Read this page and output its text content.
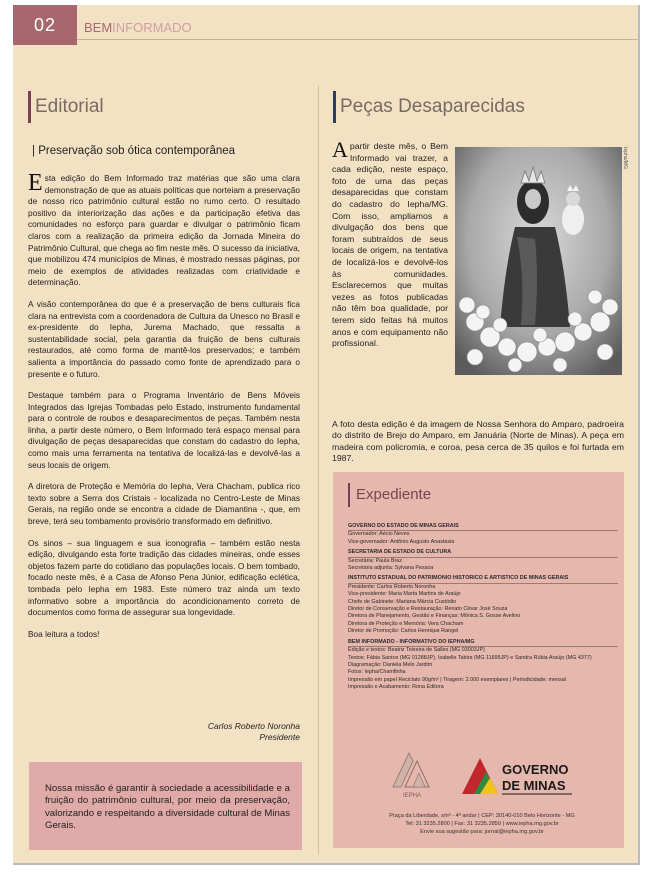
02	BEMINFORMADO
Editorial
| Preservação sob ótica contemporânea

Esta edição do Bem Informado traz matérias que são uma clara demonstração de que as atuais políticas que norteiam a preservação de nosso rico patrimônio cultural estão no rumo certo. O resultado positivo da interiorização das ações e da participação efetiva das comunidades no esforço para guardar e divulgar o patrimônio ficam claros com a realização da primeira edição da Jornada Mineira do Patrimônio Cultural, que chega ao fim neste mês. O sucesso da iniciativa, que mobilizou 474 municípios de Minas, é mostrado nessas páginas, por meio de exemplos de atividades realizadas com criatividade e determinação.

A visão contemporânea do que é a preservação de bens culturais fica clara na entrevista com a coordenadora de Cultura da Unesco no Brasil e ex-presidente do Iepha, Jurema Machado, que ressalta a sustentabilidade social, pela garantia da fruição de bens culturais restaurados, até como forma de mantê-los preservados; e também salienta a importância do passado como fonte de aprendizado para o presente e o futuro.

Destaque também para o Programa Inventário de Bens Móveis Integrados das Igrejas Tombadas pelo Estado, instrumento fundamental para o controle de roubos e desaparecimentos de peças. Também nesta linha, a partir deste número, o Bem Informado terá espaço mensal para divulgação de peças desaparecidas que constam do cadastro do Iepha, como mais uma ferramenta na tentativa de localizá-las e devolvê-las a seus locais de origem.

A diretora de Proteção e Memória do Iepha, Vera Chacham, publica rico texto sobre a Serra dos Cristais - localizada no Centro-Leste de Minas Gerais, na região onde se encontra a cidade de Diamantina -, que, em breve, terá seu tombamento provisório transformado em definitivo.

Os sinos – sua linguagem e sua iconografia – também estão nesta edição, divulgando esta forte tradição das cidades mineiras, onde esses objetos fazem parte do cotidiano das populações locais. O bem tombado, focado neste mês, é a Casa de Afonso Pena Júnior, edificação eclética, tombada pelo Iepha em 1983. Este número traz ainda um texto informativo sobre a importância do acondicionamento correto de documentos como forma de assegurar sua longevidade.

Boa leitura a todos!

Carlos Roberto Noronha
Presidente
Nossa missão é garantir à sociedade a acessibilidade e a fruição do patrimônio cultural, por meio da preservação, valorizando e respeitando a diversidade cultural de Minas Gerais.
Peças Desaparecidas
A partir deste mês, o Bem Informado vai trazer, a cada edição, neste espaço, foto de uma das peças desaparecidas que constam do cadastro do Iepha/MG. Com isso, ampliamos a divulgação dos bens que foram subtraídos de seus locais de origem, na tentativa de localizá-los e devolvê-los às comunidades. Esclarecemos que muitas vezes as fotos publicadas não têm boa qualidade, por terem sido feitas há muitos anos e com equipamento não profissional.
Iepha/MG
A foto desta edição é da imagem de Nossa Senhora do Amparo, padroeira do distrito de Brejo do Amparo, em Januária (Norte de Minas). A peça em madeira com policromia, e coroa, pesa cerca de 35 quilos e foi furtada em 1987.
Expediente
GOVERNO DO ESTADO DE MINAS GERAIS
Governador: Aécio Neves
Vice-governador: Antônio Augusto Anastasia
SECRETARIA DE ESTADO DE CULTURA
Secretária: Paula Braz
Secretária adjunta: Sylvana Pessoa
INSTITUTO ESTADUAL DO PATRIMÔNIO HISTÓRICO E ARTÍSTICO DE MINAS GERAIS
Presidente: Carlos Roberto Noronha
Vice-presidente: Maria Marta Martins de Araújo
Chefe de Gabinete: Mariana Márcia Custódio
Diretor de Conservação e Restauração: Renato César José Souza
Diretora de Planejamento, Gestão e Finanças: Mônica S. Gosse Avelino
Diretora de Proteção e Memória: Vera Chacham
Diretor de Promoção: Carlos Henrique Rangel
BEM INFORMADO - INFORMATIVO DO IEPHA/MG
Edição e textos: Beatriz Teixeira de Salles (MG 03003JP)
Textos: Fábia Santos (MG 01288JP), Isabelle Tabira (MG 11695JP) e Sandra Rúbia Araújo (MG 4377)
Diagramação: Daniela Melo Jardim
Fotos: Iepha/Chamfinha
Impressão em papel Reciclato 90g/m² | Tiragem: 2.000 exemplares | Periodicidade: mensal
Impressão e Acabamento: Rona Editora
IEPHA
GOVERNO
DE MINAS
Praça da Liberdade, s/nº - 4º andar | CEP: 30140-010 Belo Horizonte - MG
Tel: 31 3235.2800 | Fax: 31 3235.2850 | www.iepha.mg.gov.br
Envie sua sugestão para: jornal@iepha.mg.gov.br
